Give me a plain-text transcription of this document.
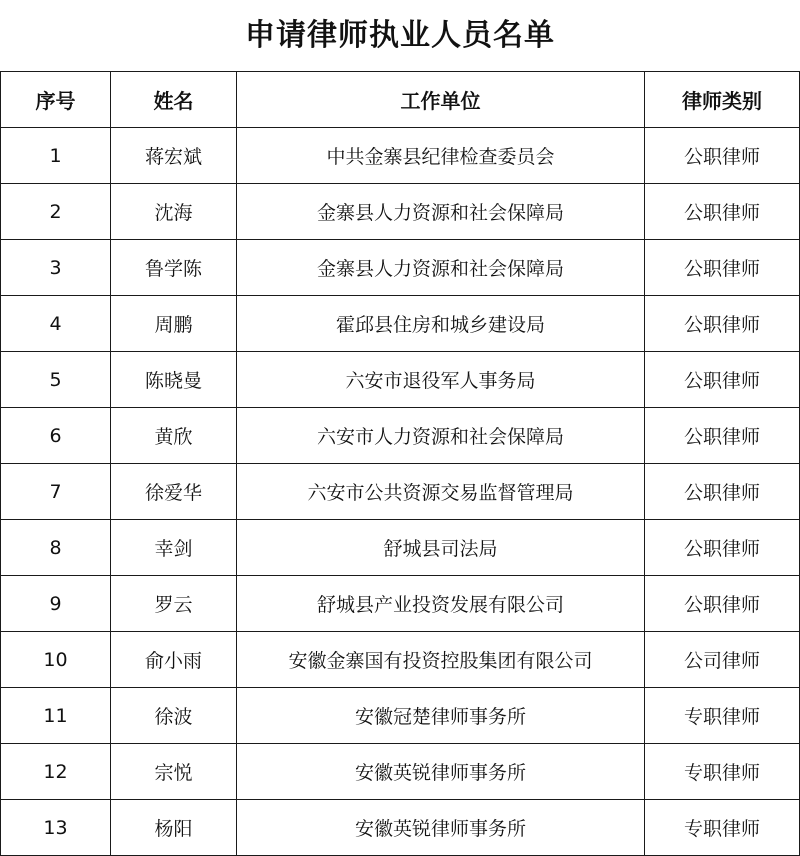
申请律师执业人员名单
序号	姓名	工作单位	律师类别
1	蒋宏斌	中共金寨县纪律检查委员会	公职律师
2	沈海	金寨县人力资源和社会保障局	公职律师
3	鲁学陈	金寨县人力资源和社会保障局	公职律师
4	周鹏	霍邱县住房和城乡建设局	公职律师
5	陈晓曼	六安市退役军人事务局	公职律师
6	黄欣	六安市人力资源和社会保障局	公职律师
7	徐爱华	六安市公共资源交易监督管理局	公职律师
8	幸剑	舒城县司法局	公职律师
9	罗云	舒城县产业投资发展有限公司	公职律师
10	俞小雨	安徽金寨国有投资控股集团有限公司	公司律师
11	徐波	安徽冠楚律师事务所	专职律师
12	宗悦	安徽英锐律师事务所	专职律师
13	杨阳	安徽英锐律师事务所	专职律师
